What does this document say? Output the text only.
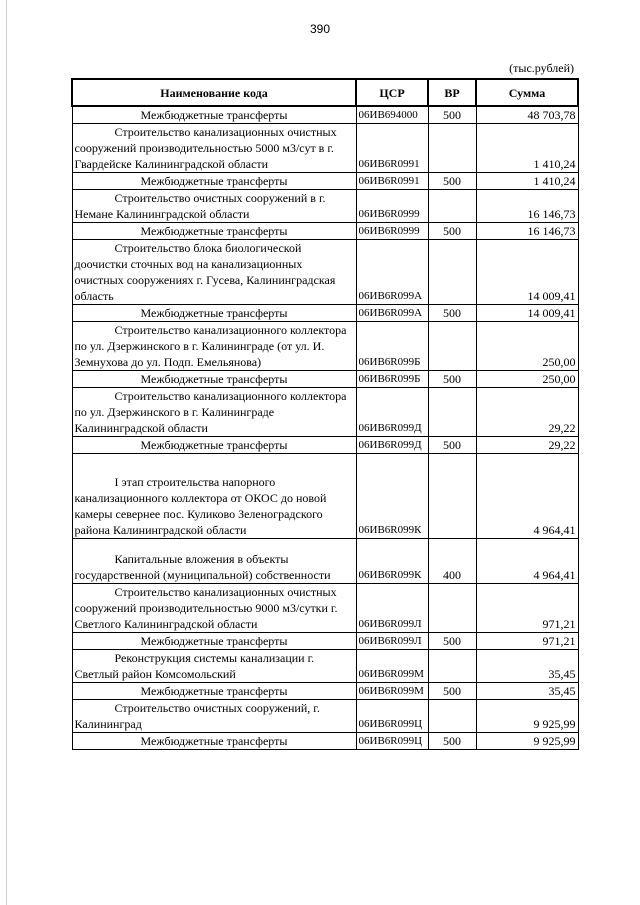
390
(тыс.рублей)
Наименование кода	ЦСР	ВР	Сумма
Межбюджетные трансферты	06ИВ694000	500	48 703,78

Строительство канализационных очистных сооружений производительностью 5000 м3/сут в г. Гвардейске Калининградской области	06ИВ6R0991		1 410,24
Межбюджетные трансферты	06ИВ6R0991	500	1 410,24

Строительство очистных сооружений в г. Немане Калининградской области	06ИВ6R0999		16 146,73
Межбюджетные трансферты	06ИВ6R0999	500	16 146,73

Строительство блока биологической доочистки сточных вод на канализационных очистных сооружениях г. Гусева, Калининградская область	06ИВ6R099А		14 009,41
Межбюджетные трансферты	06ИВ6R099А	500	14 009,41

Строительство канализационного коллектора по ул. Дзержинского в г. Калининграде (от ул. И. Земнухова до ул. Подп. Емельянова)	06ИВ6R099Б		250,00
Межбюджетные трансферты	06ИВ6R099Б	500	250,00

Строительство канализационного коллектора по ул. Дзержинского в г. Калининграде Калининградской области	06ИВ6R099Д		29,22
Межбюджетные трансферты	06ИВ6R099Д	500	29,22

I этап строительства напорного канализационного коллектора от ОКОС до новой камеры севернее пос. Куликово Зеленоградского района Калининградской области	06ИВ6R099К		4 964,41

Капитальные вложения в объекты государственной (муниципальной) собственности	06ИВ6R099К	400	4 964,41

Строительство канализационных очистных сооружений производительностью 9000 м3/сутки г. Светлого Калининградской области	06ИВ6R099Л		971,21
Межбюджетные трансферты	06ИВ6R099Л	500	971,21

Реконструкция системы канализации г. Светлый район Комсомольский	06ИВ6R099М		35,45
Межбюджетные трансферты	06ИВ6R099М	500	35,45

Строительство очистных сооружений, г. Калининград	06ИВ6R099Ц		9 925,99
Межбюджетные трансферты	06ИВ6R099Ц	500	9 925,99
